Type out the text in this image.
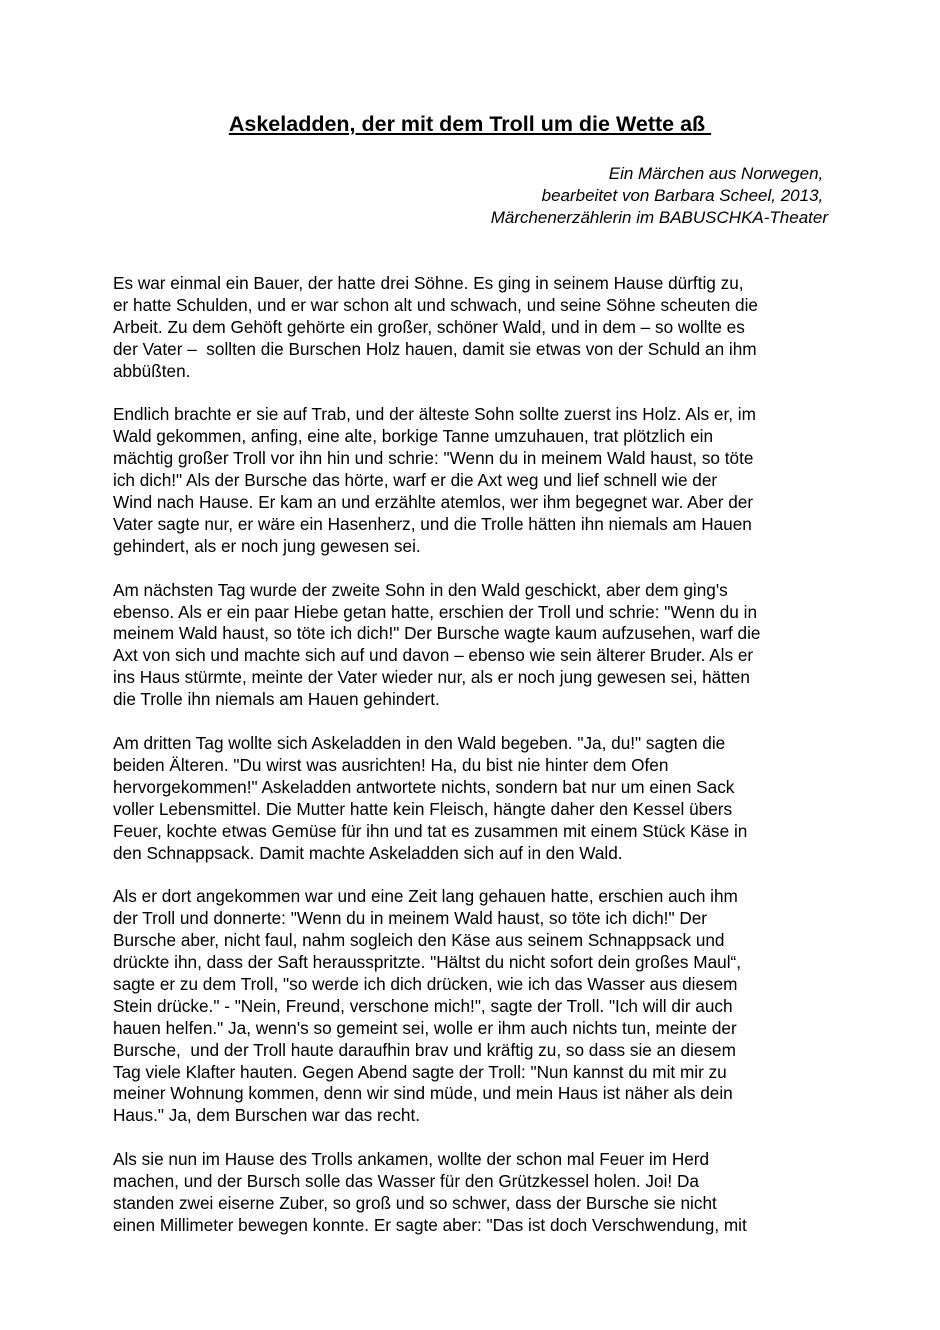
Askeladden, der mit dem Troll um die Wette aß
Ein Märchen aus Norwegen,
bearbeitet von Barbara Scheel, 2013,
Märchenerzählerin im BABUSCHKA-Theater
Es war einmal ein Bauer, der hatte drei Söhne. Es ging in seinem Hause dürftig zu,
er hatte Schulden, und er war schon alt und schwach, und seine Söhne scheuten die
Arbeit. Zu dem Gehöft gehörte ein großer, schöner Wald, und in dem – so wollte es
der Vater –  sollten die Burschen Holz hauen, damit sie etwas von der Schuld an ihm
abbüßten.
Endlich brachte er sie auf Trab, und der älteste Sohn sollte zuerst ins Holz. Als er, im
Wald gekommen, anfing, eine alte, borkige Tanne umzuhauen, trat plötzlich ein
mächtig großer Troll vor ihn hin und schrie: "Wenn du in meinem Wald haust, so töte
ich dich!" Als der Bursche das hörte, warf er die Axt weg und lief schnell wie der
Wind nach Hause. Er kam an und erzählte atemlos, wer ihm begegnet war. Aber der
Vater sagte nur, er wäre ein Hasenherz, und die Trolle hätten ihn niemals am Hauen
gehindert, als er noch jung gewesen sei.
Am nächsten Tag wurde der zweite Sohn in den Wald geschickt, aber dem ging's
ebenso. Als er ein paar Hiebe getan hatte, erschien der Troll und schrie: "Wenn du in
meinem Wald haust, so töte ich dich!" Der Bursche wagte kaum aufzusehen, warf die
Axt von sich und machte sich auf und davon – ebenso wie sein älterer Bruder. Als er
ins Haus stürmte, meinte der Vater wieder nur, als er noch jung gewesen sei, hätten
die Trolle ihn niemals am Hauen gehindert.
Am dritten Tag wollte sich Askeladden in den Wald begeben. "Ja, du!" sagten die
beiden Älteren. "Du wirst was ausrichten! Ha, du bist nie hinter dem Ofen
hervorgekommen!" Askeladden antwortete nichts, sondern bat nur um einen Sack
voller Lebensmittel. Die Mutter hatte kein Fleisch, hängte daher den Kessel übers
Feuer, kochte etwas Gemüse für ihn und tat es zusammen mit einem Stück Käse in
den Schnappsack. Damit machte Askeladden sich auf in den Wald.
Als er dort angekommen war und eine Zeit lang gehauen hatte, erschien auch ihm
der Troll und donnerte: "Wenn du in meinem Wald haust, so töte ich dich!" Der
Bursche aber, nicht faul, nahm sogleich den Käse aus seinem Schnappsack und
drückte ihn, dass der Saft herausspritzte. "Hältst du nicht sofort dein großes Maul“,
sagte er zu dem Troll, "so werde ich dich drücken, wie ich das Wasser aus diesem
Stein drücke." - "Nein, Freund, verschone mich!", sagte der Troll. "Ich will dir auch
hauen helfen." Ja, wenn's so gemeint sei, wolle er ihm auch nichts tun, meinte der
Bursche,  und der Troll haute daraufhin brav und kräftig zu, so dass sie an diesem
Tag viele Klafter hauten. Gegen Abend sagte der Troll: "Nun kannst du mit mir zu
meiner Wohnung kommen, denn wir sind müde, und mein Haus ist näher als dein
Haus." Ja, dem Burschen war das recht.
Als sie nun im Hause des Trolls ankamen, wollte der schon mal Feuer im Herd
machen, und der Bursch solle das Wasser für den Grützkessel holen. Joi! Da
standen zwei eiserne Zuber, so groß und so schwer, dass der Bursche sie nicht
einen Millimeter bewegen konnte. Er sagte aber: "Das ist doch Verschwendung, mit
